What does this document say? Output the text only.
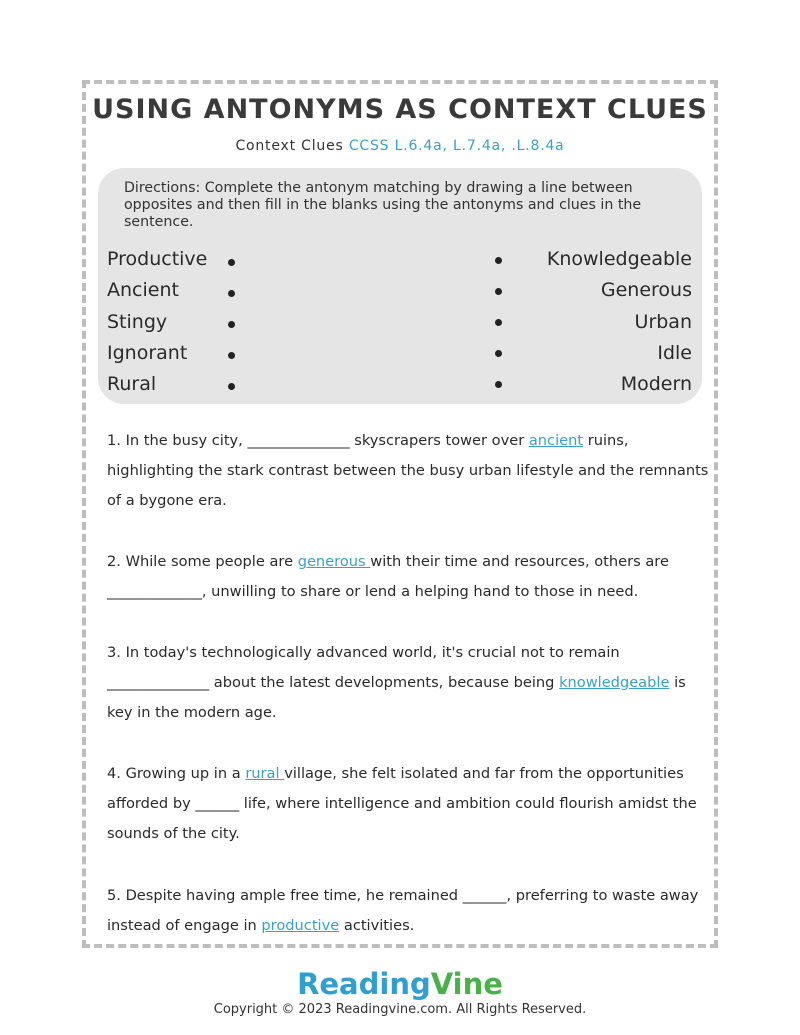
USING ANTONYMS AS CONTEXT CLUES
Context Clues CCSS L.6.4a, L.7.4a, .L.8.4a
Directions: Complete the antonym matching by drawing a line between opposites and then fill in the blanks using the antonyms and clues in the sentence.
Productive
Ancient
Stingy
Ignorant
Rural
Knowledgeable
Generous
Urban
Idle
Modern
1. In the busy city, ______________ skyscrapers tower over ancient ruins, highlighting the stark contrast between the busy urban lifestyle and the remnants of a bygone era.
2. While some people are generous with their time and resources, others are _____________, unwilling to share or lend a helping hand to those in need.
3. In today's technologically advanced world, it's crucial not to remain ______________ about the latest developments, because being knowledgeable is key in the modern age.
4. Growing up in a rural village, she felt isolated and far from the opportunities afforded by ______ life, where intelligence and ambition could flourish amidst the sounds of the city.
5. Despite having ample free time, he remained ______, preferring to waste away instead of engage in productive activities.
ReadingVine
Copyright © 2023 Readingvine.com. All Rights Reserved.
